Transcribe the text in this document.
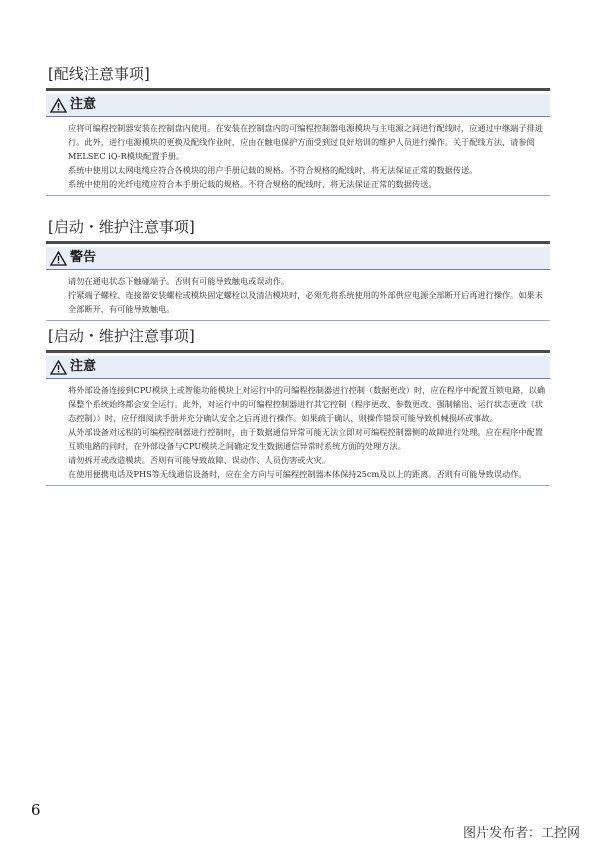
[配线注意事项]
注意

应将可编程控制器安装在控制盘内使用。在安装在控制盘内的可编程控制器电源模块与主电源之间进行配线时，应通过中继端子排进行。此外，进行电源模块的更换及配线作业时，应由在触电保护方面受到过良好培训的维护人员进行操作。关于配线方法，请参阅MELSEC iQ-R模块配置手册。

系统中使用以太网电缆应符合各模块的用户手册记载的规格。不符合规格的配线时，将无法保证正常的数据传送。

系统中使用的光纤电缆应符合本手册记载的规格。不符合规格的配线时，将无法保证正常的数据传送。

[启动・维护注意事项]
警告

请勿在通电状态下触碰端子。否则有可能导致触电或误动作。

拧紧端子螺栓、连接器安装螺栓或模块固定螺栓以及清洁模块时，必须先将系统使用的外部供应电源全部断开后再进行操作。如果未全部断开，有可能导致触电。

[启动・维护注意事项]
注意

将外部设备连接到CPU模块上或智能功能模块上对运行中的可编程控制器进行控制（数据更改）时，应在程序中配置互锁电路，以确保整个系统始终都会安全运行。此外，对运行中的可编程控制器进行其它控制（程序更改、参数更改、强制输出、运行状态更改（状态控制））时，应仔细阅读手册并充分确认安全之后再进行操作。如果疏于确认，则操作错误可能导致机械损坏或事故。

从外部设备对远程的可编程控制器进行控制时，由于数据通信异常可能无法立即对可编程控制器侧的故障进行处理。应在程序中配置互锁电路的同时，在外部设备与CPU模块之间确定发生数据通信异常时系统方面的处理方法。

请勿拆开或改造模块。否则有可能导致故障、误动作、人员伤害或火灾。

在使用便携电话及PHS等无线通信设备时，应在全方向与可编程控制器本体保持25cm及以上的距离。否则有可能导致误动作。

6
图片发布者：工控网
